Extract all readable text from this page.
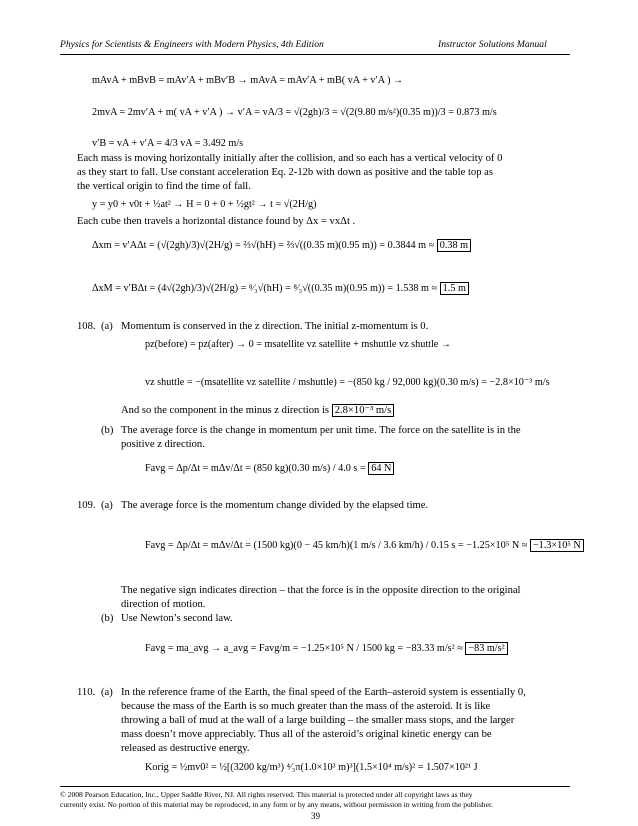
Physics for Scientists & Engineers with Modern Physics, 4th Edition	Instructor Solutions Manual
mAvA + mBvB = mAv′A + mBv′B → mAvA = mAv′A + mB( vA + v′A ) →
2mvA = 2mv′A + m( vA + v′A ) → v′A = vA/3 = √(2gh)/3 = √(2(9.80 m/s²)(0.35 m))/3 = 0.873 m/s
v′B = vA + v′A = 4/3 vA = 3.492 m/s
Each mass is moving horizontally initially after the collision, and so each has a vertical velocity of 0
as they start to fall. Use constant acceleration Eq. 2-12b with down as positive and the table top as
the vertical origin to find the time of fall.
y = y0 + v0t + ½at² → H = 0 + 0 + ½gt² → t = √(2H/g)
Each cube then travels a horizontal distance found by Δx = vxΔt .
Δxm = v′AΔt = (√(2gh)/3)√(2H/g) = ⅔√(hH) = ⅔√((0.35 m)(0.95 m)) = 0.3844 m ≈ 0.38 m
ΔxM = v′BΔt = (4√(2gh)/3)√(2H/g) = ⁸⁄₃√(hH) = ⁸⁄₃√((0.35 m)(0.95 m)) = 1.538 m ≈ 1.5 m
108. (a) Momentum is conserved in the z direction. The initial z-momentum is 0.
pz(before) = pz(after) → 0 = msatellite vz satellite + mshuttle vz shuttle →
vz shuttle = −(msatellite vz satellite / mshuttle) = −(850 kg / 92,000 kg)(0.30 m/s) = −2.8×10⁻³ m/s
And so the component in the minus z direction is 2.8×10⁻³ m/s
(b) The average force is the change in momentum per unit time. The force on the satellite is in the
positive z direction.
Favg = Δp/Δt = mΔv/Δt = (850 kg)(0.30 m/s) / 4.0 s = 64 N
109. (a) The average force is the momentum change divided by the elapsed time.
Favg = Δp/Δt = mΔv/Δt = (1500 kg)(0 − 45 km/h)(1 m/s / 3.6 km/h) / 0.15 s = −1.25×10⁵ N ≈ −1.3×10⁵ N
The negative sign indicates direction – that the force is in the opposite direction to the original
direction of motion.
(b) Use Newton’s second law.
Favg = ma_avg → a_avg = Favg/m = −1.25×10⁵ N / 1500 kg = −83.33 m/s² ≈ −83 m/s²
110. (a) In the reference frame of the Earth, the final speed of the Earth–asteroid system is essentially 0,
because the mass of the Earth is so much greater than the mass of the asteroid. It is like
throwing a ball of mud at the wall of a large building – the smaller mass stops, and the larger
mass doesn’t move appreciably. Thus all of the asteroid’s original kinetic energy can be
released as destructive energy.
Korig = ½mv0² = ½[(3200 kg/m³) ⁴⁄₃π(1.0×10³ m)³](1.5×10⁴ m/s)² = 1.507×10²¹ J
© 2008 Pearson Education, Inc., Upper Saddle River, NJ. All rights reserved. This material is protected under all copyright laws as they
currently exist. No portion of this material may be reproduced, in any form or by any means, without permission in writing from the publisher.
39
